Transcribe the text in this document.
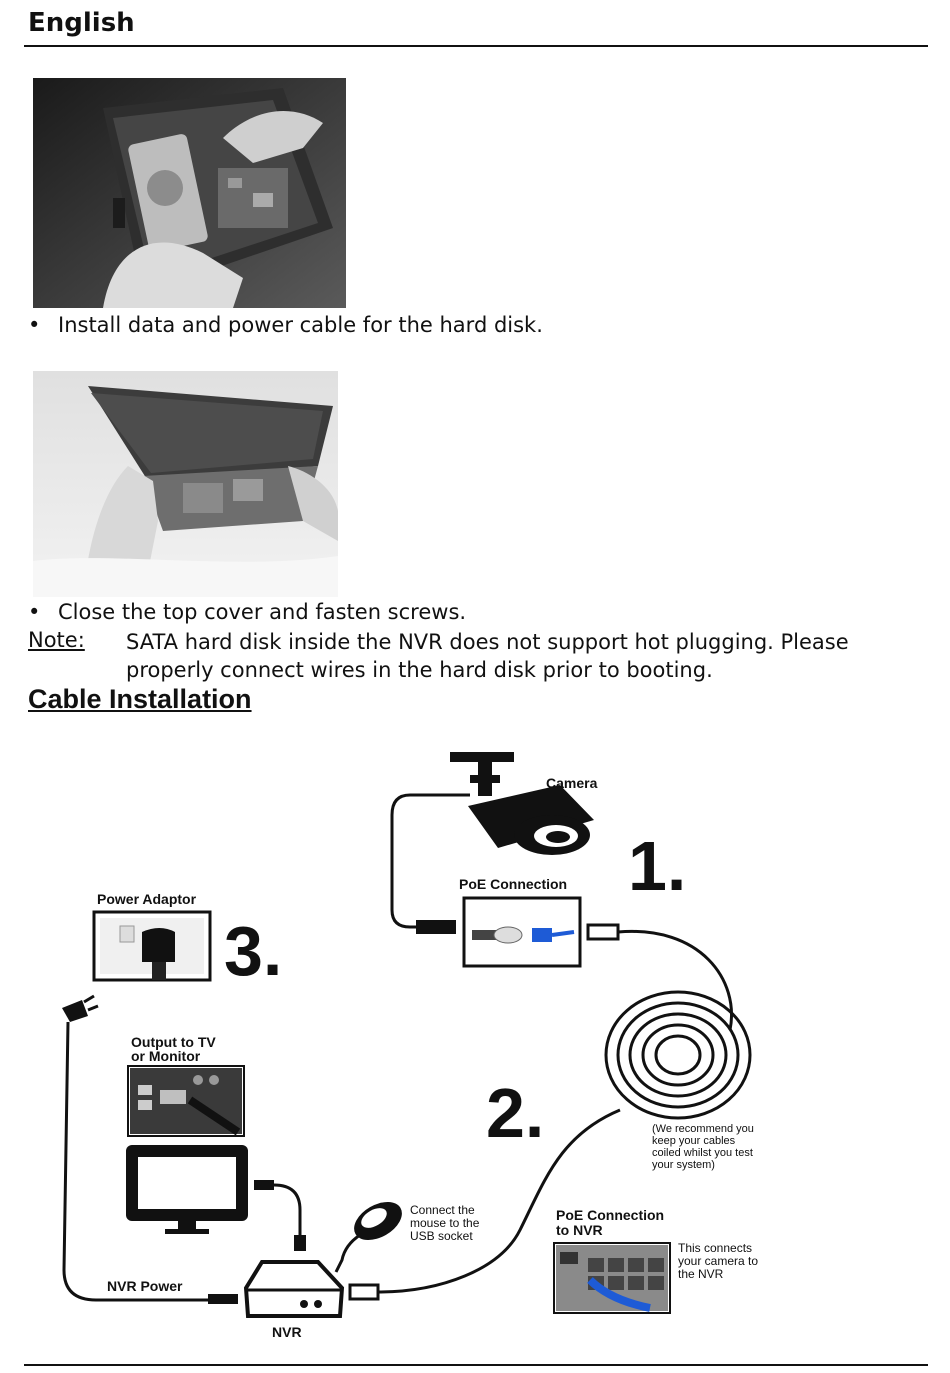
English
• Install data and power cable for the hard disk.
• Close the top cover and fasten screws.
Note: SATA hard disk inside the NVR does not support hot plugging. Please properly connect wires in the hard disk prior to booting.
Cable Installation
Camera
1.
PoE Connection
2.	(We recommend you
keep your cables
coiled whilst you test
your system)
Power Adaptor
3.
NVR Power
Output to TV
or Monitor
Connect the
mouse to the
USB socket
NVR
PoE Connection
to NVR
This connects
your camera to
the NVR
